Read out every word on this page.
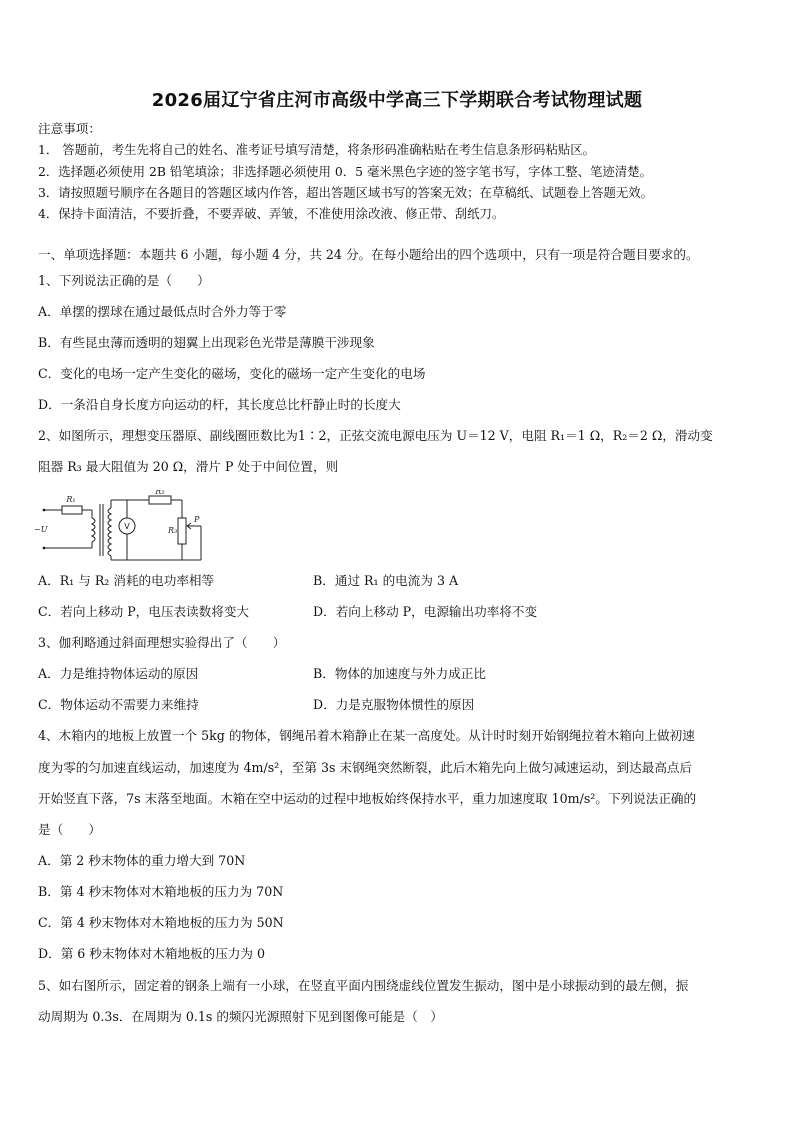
2026届辽宁省庄河市高级中学高三下学期联合考试物理试题
注意事项：
1． 答题前，考生先将自己的姓名、准考证号填写清楚，将条形码准确粘贴在考生信息条形码粘贴区。
2．选择题必须使用 2B 铅笔填涂；非选择题必须使用 0．5 毫米黑色字迹的签字笔书写，字体工整、笔迹清楚。
3．请按照题号顺序在各题目的答题区域内作答，超出答题区域书写的答案无效；在草稿纸、试题卷上答题无效。
4．保持卡面清洁，不要折叠，不要弄破、弄皱，不准使用涂改液、修正带、刮纸刀。
一、单项选择题：本题共 6 小题，每小题 4 分，共 24 分。在每小题给出的四个选项中，只有一项是符合题目要求的。
1、下列说法正确的是（　　）
A．单摆的摆球在通过最低点时合外力等于零
B．有些昆虫薄而透明的翅翼上出现彩色光带是薄膜干涉现象
C．变化的电场一定产生变化的磁场，变化的磁场一定产生变化的电场
D．一条沿自身长度方向运动的杆，其长度总比杆静止时的长度大
2、如图所示，理想变压器原、副线圈匝数比为1∶2，正弦交流电源电压为 U＝12 V，电阻 R₁＝1 Ω，R₂＝2 Ω，滑动变
阻器 R₃ 最大阻值为 20 Ω，滑片 P 处于中间位置，则
R₁
R₂
R₃
P
~U	V
A．R₁ 与 R₂ 消耗的电功率相等	B．通过 R₁ 的电流为 3 A
C．若向上移动 P，电压表读数将变大	D．若向上移动 P，电源输出功率将不变
3、伽利略通过斜面理想实验得出了（　　）
A．力是维持物体运动的原因	B．物体的加速度与外力成正比
C．物体运动不需要力来维持	D．力是克服物体惯性的原因
4、木箱内的地板上放置一个 5kg 的物体，钢绳吊着木箱静止在某一高度处。从计时时刻开始钢绳拉着木箱向上做初速
度为零的匀加速直线运动，加速度为 4m/s²，至第 3s 末钢绳突然断裂，此后木箱先向上做匀减速运动，到达最高点后
开始竖直下落，7s 末落至地面。木箱在空中运动的过程中地板始终保持水平，重力加速度取 10m/s²。下列说法正确的
是（　　）
A．第 2 秒末物体的重力增大到 70N
B．第 4 秒末物体对木箱地板的压力为 70N
C．第 4 秒末物体对木箱地板的压力为 50N
D．第 6 秒末物体对木箱地板的压力为 0
5、如右图所示，固定着的钢条上端有一小球，在竖直平面内围绕虚线位置发生振动，图中是小球振动到的最左侧，振
动周期为 0.3s．在周期为 0.1s 的频闪光源照射下见到图像可能是（　）
